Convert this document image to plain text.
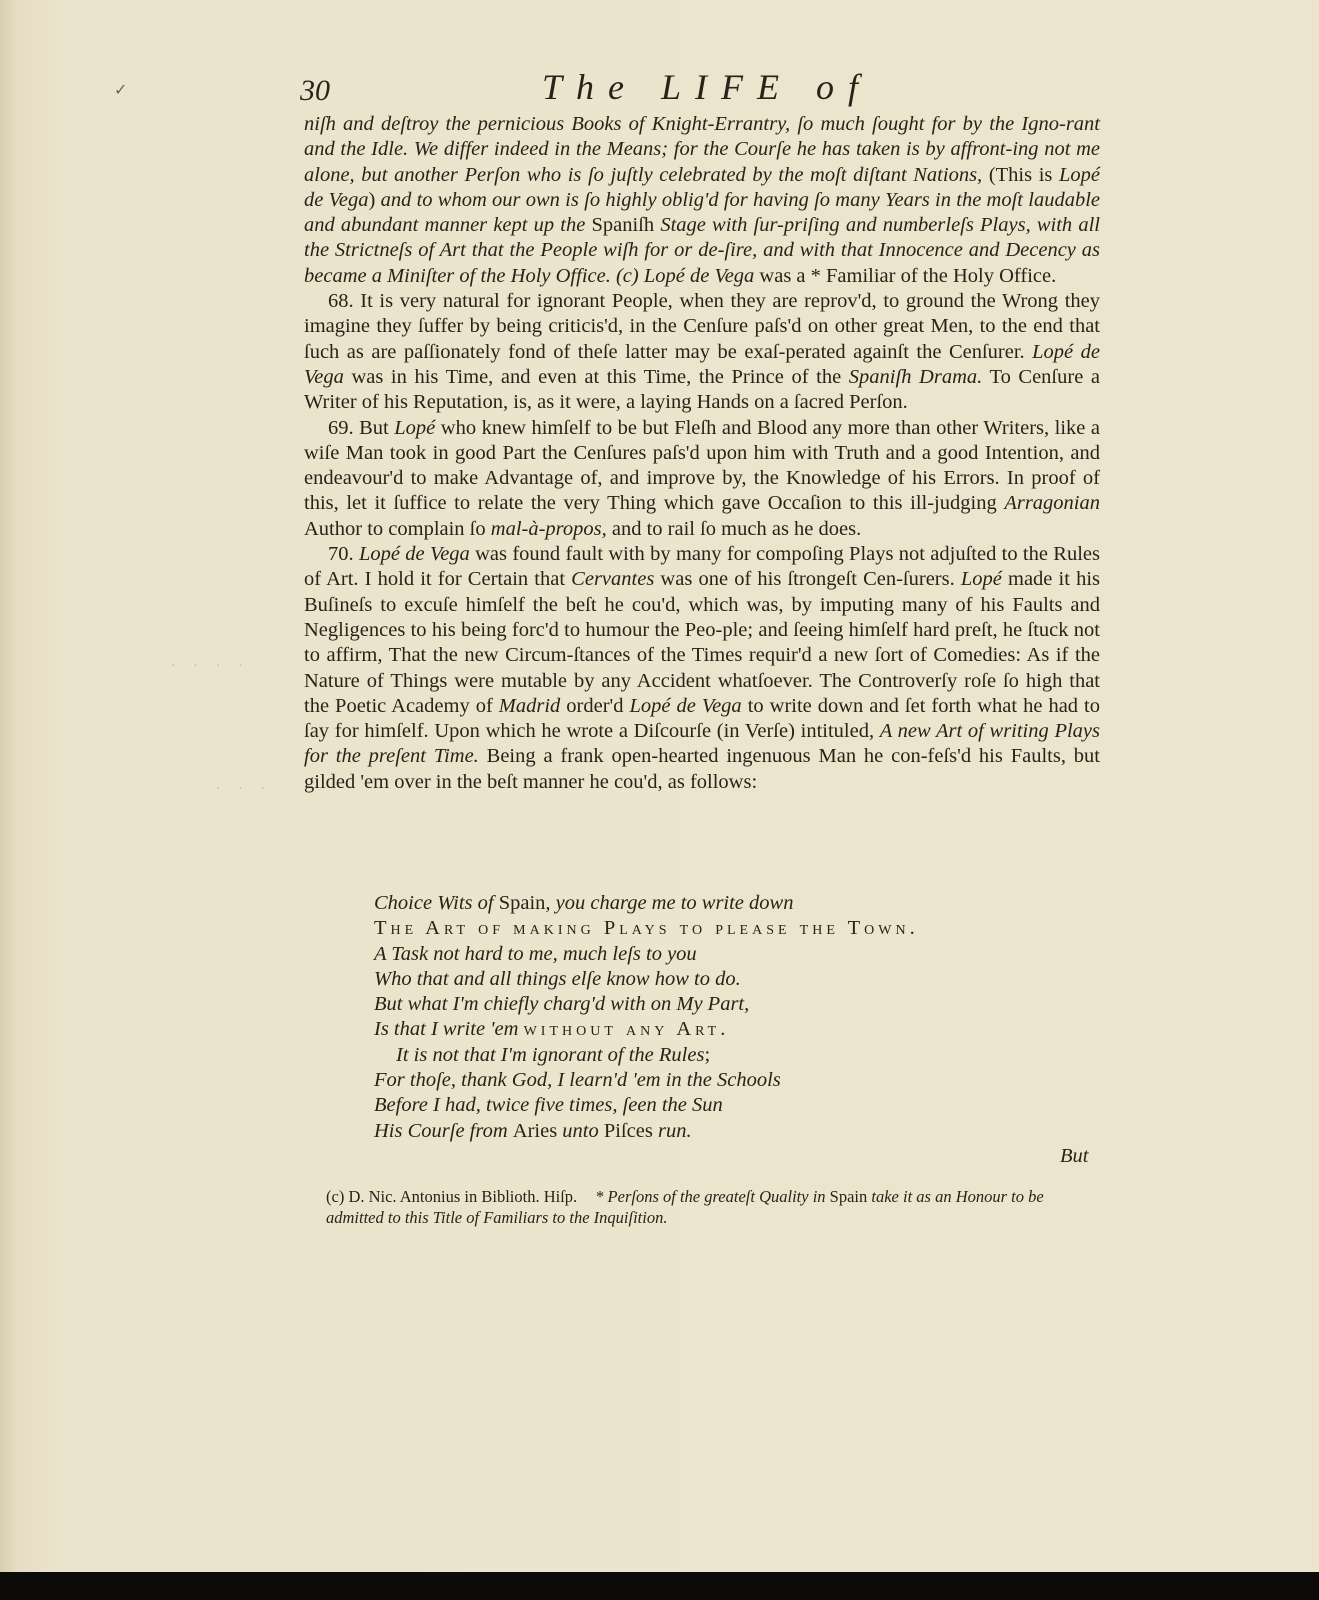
✓
· · · ·
· · ·
30	The LIFE of

niſh and deſtroy the pernicious Books of Knight-Errantry, ſo much ſought for by the Igno-rant and the Idle. We differ indeed in the Means; for the Courſe he has taken is by affront-ing not me alone, but another Perſon who is ſo juſtly celebrated by the moſt diſtant Nations, (This is Lopé de Vega) and to whom our own is ſo highly oblig'd for having ſo many Years in the moſt laudable and abundant manner kept up the Spaniſh Stage with ſur-priſing and numberleſs Plays, with all the Strictneſs of Art that the People wiſh for or de-ſire, and with that Innocence and Decency as became a Miniſter of the Holy Office. (c) Lopé de Vega was a * Familiar of the Holy Office.

68. It is very natural for ignorant People, when they are reprov'd, to ground the Wrong they imagine they ſuffer by being criticis'd, in the Cenſure paſs'd on other great Men, to the end that ſuch as are paſſionately fond of theſe latter may be exaſ-perated againſt the Cenſurer. Lopé de Vega was in his Time, and even at this Time, the Prince of the Spaniſh Drama. To Cenſure a Writer of his Reputation, is, as it were, a laying Hands on a ſacred Perſon.

69. But Lopé who knew himſelf to be but Fleſh and Blood any more than other Writers, like a wiſe Man took in good Part the Cenſures paſs'd upon him with Truth and a good Intention, and endeavour'd to make Advantage of, and improve by, the Knowledge of his Errors. In proof of this, let it ſuffice to relate the very Thing which gave Occaſion to this ill-judging Arragonian Author to complain ſo mal-à-propos, and to rail ſo much as he does.

70. Lopé de Vega was found fault with by many for compoſing Plays not adjuſted to the Rules of Art. I hold it for Certain that Cervantes was one of his ſtrongeſt Cen-ſurers. Lopé made it his Buſineſs to excuſe himſelf the beſt he cou'd, which was, by imputing many of his Faults and Negligences to his being forc'd to humour the Peo-ple; and ſeeing himſelf hard preſt, he ſtuck not to affirm, That the new Circum-ſtances of the Times requir'd a new ſort of Comedies: As if the Nature of Things were mutable by any Accident whatſoever. The Controverſy roſe ſo high that the Poetic Academy of Madrid order'd Lopé de Vega to write down and ſet forth what he had to ſay for himſelf. Upon which he wrote a Diſcourſe (in Verſe) intituled, A new Art of writing Plays for the preſent Time. Being a frank open-hearted ingenuous Man he con-feſs'd his Faults, but gilded 'em over in the beſt manner he cou'd, as follows:

Choice Wits of Spain, you charge me to write down
The Art of making Plays to please the Town.
A Task not hard to me, much leſs to you
Who that and all things elſe know how to do.
But what I'm chiefly charg'd with on My Part,
Is that I write 'em without any Art.
It is not that I'm ignorant of the Rules;
For thoſe, thank God, I learn'd 'em in the Schools
Before I had, twice five times, ſeen the Sun
His Courſe from Aries unto Piſces run.
But
(c) D. Nic. Antonius in Biblioth. Hiſp. * Perſons of the greateſt Quality in Spain take it as an Honour to be admitted to this Title of Familiars to the Inquiſition.
